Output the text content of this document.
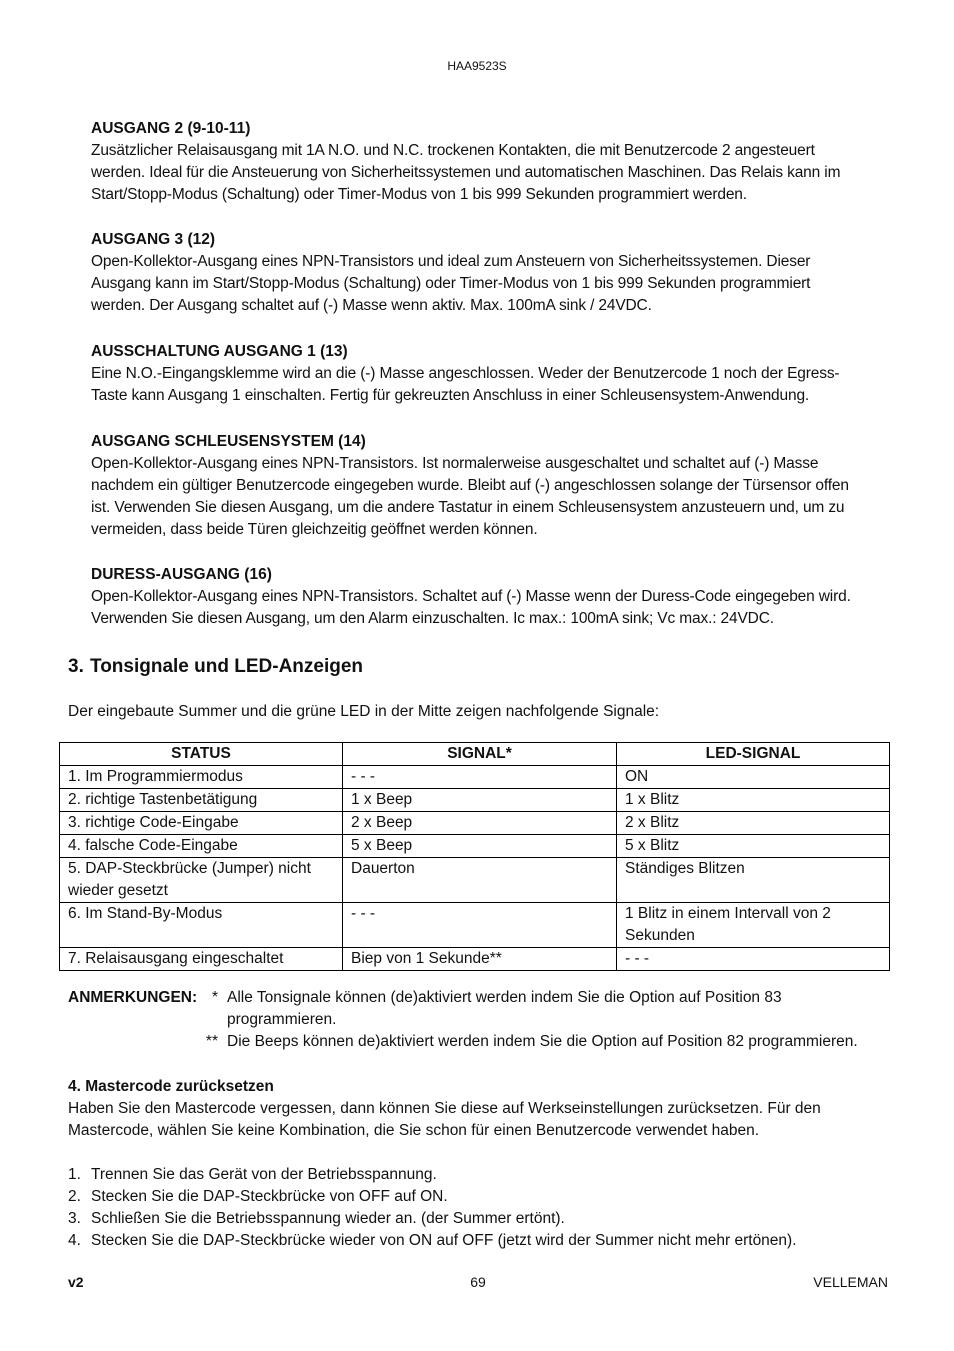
HAA9523S
AUSGANG 2 (9-10-11)

Zusätzlicher Relaisausgang mit 1A N.O. und N.C. trockenen Kontakten, die mit Benutzercode 2 angesteuert

werden. Ideal für die Ansteuerung von Sicherheitssystemen und automatischen Maschinen. Das Relais kann im

Start/Stopp-Modus (Schaltung) oder Timer-Modus von 1 bis 999 Sekunden programmiert werden.

AUSGANG 3 (12)

Open-Kollektor-Ausgang eines NPN-Transistors und ideal zum Ansteuern von Sicherheitssystemen. Dieser

Ausgang kann im Start/Stopp-Modus (Schaltung) oder Timer-Modus von 1 bis 999 Sekunden programmiert

werden. Der Ausgang schaltet auf (-) Masse wenn aktiv. Max. 100mA sink / 24VDC.

AUSSCHALTUNG AUSGANG 1 (13)

Eine N.O.-Eingangsklemme wird an die (-) Masse angeschlossen. Weder der Benutzercode 1 noch der Egress-

Taste kann Ausgang 1 einschalten. Fertig für gekreuzten Anschluss in einer Schleusensystem-Anwendung.

AUSGANG SCHLEUSENSYSTEM (14)

Open-Kollektor-Ausgang eines NPN-Transistors. Ist normalerweise ausgeschaltet und schaltet auf (-) Masse

nachdem ein gültiger Benutzercode eingegeben wurde. Bleibt auf (-) angeschlossen solange der Türsensor offen

ist. Verwenden Sie diesen Ausgang, um die andere Tastatur in einem Schleusensystem anzusteuern und, um zu

vermeiden, dass beide Türen gleichzeitig geöffnet werden können.

DURESS-AUSGANG (16)

Open-Kollektor-Ausgang eines NPN-Transistors. Schaltet auf (-) Masse wenn der Duress-Code eingegeben wird.

Verwenden Sie diesen Ausgang, um den Alarm einzuschalten. Ic max.: 100mA sink; Vc max.: 24VDC.

3. Tonsignale und LED-Anzeigen

Der eingebaute Summer und die grüne LED in der Mitte zeigen nachfolgende Signale:

STATUS	SIGNAL*	LED-SIGNAL
1. Im Programmiermodus	- - -	ON
2. richtige Tastenbetätigung	1 x Beep	1 x Blitz
3. richtige Code-Eingabe	2 x Beep	2 x Blitz
4. falsche Code-Eingabe	5 x Beep	5 x Blitz
5. DAP-Steckbrücke (Jumper) nicht wieder gesetzt	Dauerton	Ständiges Blitzen
6. Im Stand-By-Modus	- - -	1 Blitz in einem Intervall von 2 Sekunden
7. Relaisausgang eingeschaltet	Biep von 1 Sekunde**	- - -
ANMERKUNGEN: * Alle Tonsignale können (de)aktiviert werden indem Sie die Option auf Position 83 programmieren.
** Die Beeps können de)aktiviert werden indem Sie die Option auf Position 82 programmieren.
4. Mastercode zurücksetzen

Haben Sie den Mastercode vergessen, dann können Sie diese auf Werkseinstellungen zurücksetzen. Für den

Mastercode, wählen Sie keine Kombination, die Sie schon für einen Benutzercode verwendet haben.

1. Trennen Sie das Gerät von der Betriebsspannung.
2. Stecken Sie die DAP-Steckbrücke von OFF auf ON.
3. Schließen Sie die Betriebsspannung wieder an. (der Summer ertönt).
4. Stecken Sie die DAP-Steckbrücke wieder von ON auf OFF (jetzt wird der Summer nicht mehr ertönen).
v2	69	VELLEMAN
